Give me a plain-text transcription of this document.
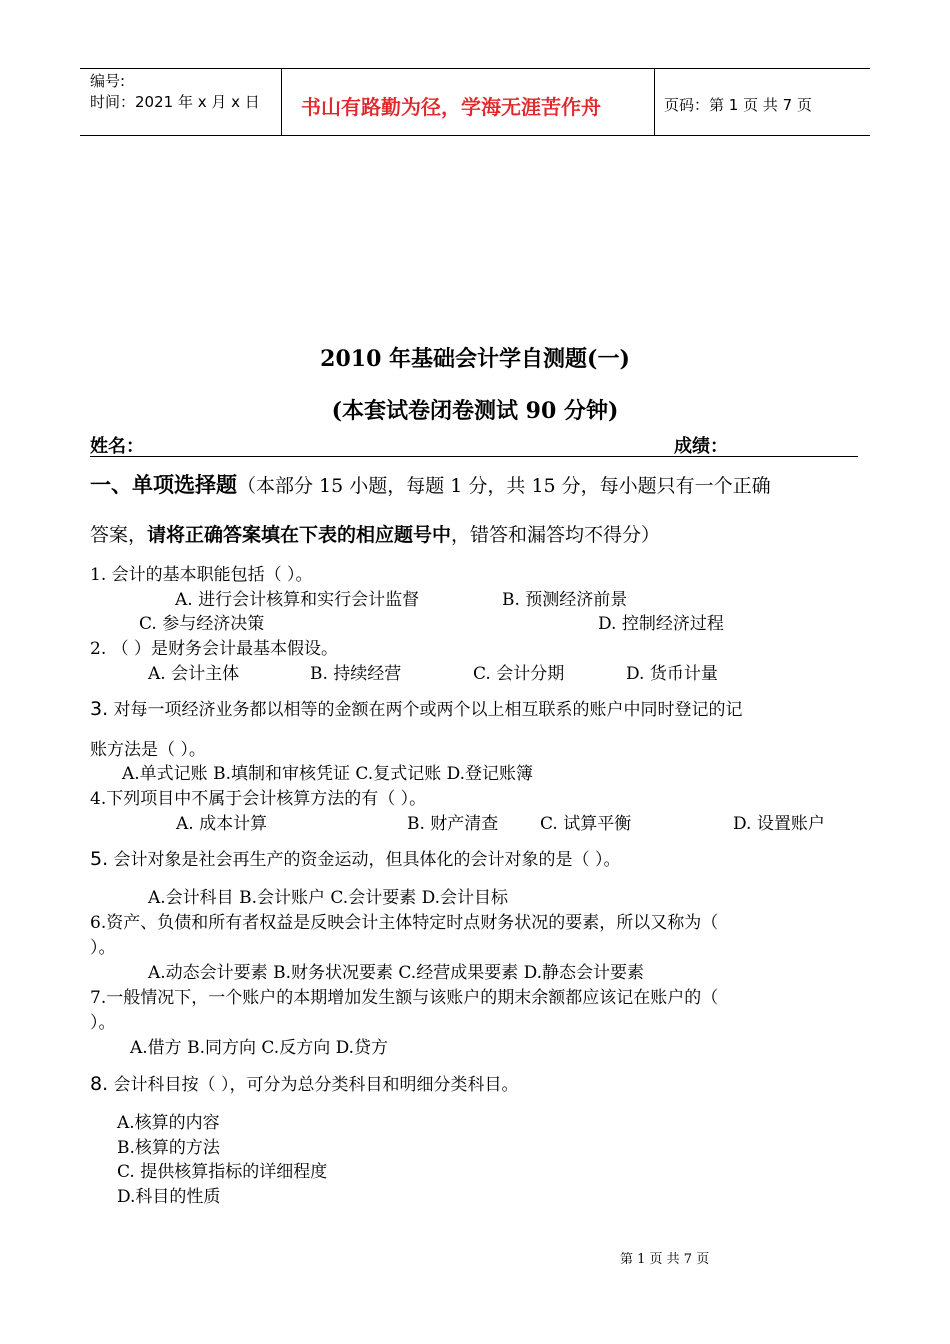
编号:
时间：2021 年 x 月 x 日 书山有路勤为径，学海无涯苦作舟	页码：第 1 页 共 7 页
2010 年基础会计学自测题(一)
(本套试卷闭卷测试 90 分钟)
姓名：	成绩：
一、单项选择题（本部分 15 小题，每题 1 分，共 15 分，每小题只有一个正确
答案，请将正确答案填在下表的相应题号中，错答和漏答均不得分）
1. 会计的基本职能包括（ ）。
A. 进行会计核算和实行会计监督	B. 预测经济前景
C. 参与经济决策	D. 控制经济过程
2. （ ）是财务会计最基本假设。
A. 会计主体	B. 持续经营	C. 会计分期	D. 货币计量
3. 对每一项经济业务都以相等的金额在两个或两个以上相互联系的账户中同时登记的记
账方法是（ ）。
A.单式记账 B.填制和审核凭证 C.复式记账 D.登记账簿
4.下列项目中不属于会计核算方法的有（ ）。
A. 成本计算	B. 财产清查 C. 试算平衡	D. 设置账户
5. 会计对象是社会再生产的资金运动，但具体化的会计对象的是（ ）。
A.会计科目 B.会计账户 C.会计要素 D.会计目标
6.资产、负债和所有者权益是反映会计主体特定时点财务状况的要素，所以又称为（
）。
A.动态会计要素 B.财务状况要素 C.经营成果要素 D.静态会计要素
7.一般情况下，一个账户的本期增加发生额与该账户的期末余额都应该记在账户的（
）。
A.借方 B.同方向 C.反方向 D.贷方
8. 会计科目按（ ），可分为总分类科目和明细分类科目。
A.核算的内容
B.核算的方法
C. 提供核算指标的详细程度
D.科目的性质
第 1 页 共 7 页
